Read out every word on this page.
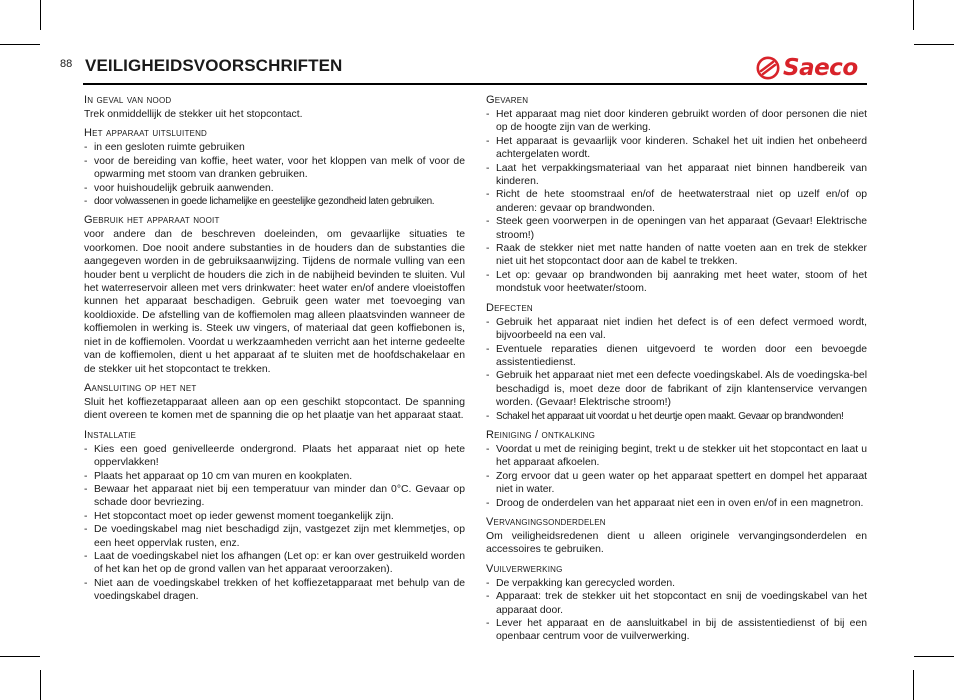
88 VEILIGHEIDSVOORSCHRIFTEN	Saeco
In geval van nood

Trek onmiddellijk de stekker uit het stopcontact.

Het apparaat uitsluitend
- in een gesloten ruimte gebruiken
- voor de bereiding van koffie, heet water, voor het kloppen van melk of voor de opwarming met stoom van dranken gebruiken.
- voor huishoudelijk gebruik aanwenden.
- door volwassenen in goede lichamelijke en geestelijke gezondheid laten gebruiken.
Gebruik het apparaat nooit

voor andere dan de beschreven doeleinden, om gevaarlijke situaties te voorkomen. Doe nooit andere substanties in de houders dan de substanties die aangegeven worden in de gebruiksaanwijzing. Tijdens de normale vulling van een houder bent u verplicht de houders die zich in de nabijheid bevinden te sluiten. Vul het waterreservoir alleen met vers drinkwater: heet water en/of andere vloeistoffen kunnen het apparaat beschadigen. Gebruik geen water met toevoeging van kooldioxide. De afstelling van de koffiemolen mag alleen plaatsvinden wanneer de koffiemolen in werking is. Steek uw vingers, of materiaal dat geen koffiebonen is, niet in de koffiemolen. Voordat u werkzaamheden verricht aan het interne gedeelte van de koffiemolen, dient u het apparaat af te sluiten met de hoofdschakelaar en de stekker uit het stopcontact te trekken.

Aansluiting op het net

Sluit het koffiezetapparaat alleen aan op een geschikt stopcontact. De spanning dient overeen te komen met de spanning die op het plaatje van het apparaat staat.

Installatie
- Kies een goed genivelleerde ondergrond. Plaats het apparaat niet op hete oppervlakken!
- Plaats het apparaat op 10 cm van muren en kookplaten.
- Bewaar het apparaat niet bij een temperatuur van minder dan 0°C. Gevaar op schade door bevriezing.
- Het stopcontact moet op ieder gewenst moment toegankelijk zijn.
- De voedingskabel mag niet beschadigd zijn, vastgezet zijn met klemmetjes, op een heet oppervlak rusten, enz.
- Laat de voedingskabel niet los afhangen (Let op: er kan over gestruikeld worden of het kan het op de grond vallen van het apparaat veroorzaken).
- Niet aan de voedingskabel trekken of het koffiezetapparaat met behulp van de voedingskabel dragen.
Gevaren
- Het apparaat mag niet door kinderen gebruikt worden of door personen die niet op de hoogte zijn van de werking.
- Het apparaat is gevaarlijk voor kinderen. Schakel het uit indien het onbeheerd achtergelaten wordt.
- Laat het verpakkingsmateriaal van het apparaat niet binnen handbereik van kinderen.
- Richt de hete stoomstraal en/of de heetwaterstraal niet op uzelf en/of op anderen: gevaar op brandwonden.
- Steek geen voorwerpen in de openingen van het apparaat (Gevaar! Elektrische stroom!)
- Raak de stekker niet met natte handen of natte voeten aan en trek de stekker niet uit het stopcontact door aan de kabel te trekken.
- Let op: gevaar op brandwonden bij aanraking met heet water, stoom of het mondstuk voor heetwater/stoom.
Defecten
- Gebruik het apparaat niet indien het defect is of een defect vermoed wordt, bijvoorbeeld na een val.
- Eventuele reparaties dienen uitgevoerd te worden door een bevoegde assistentiedienst.
- Gebruik het apparaat niet met een defecte voedingskabel. Als de voedingska-bel beschadigd is, moet deze door de fabrikant of zijn klantenservice vervangen worden. (Gevaar! Elektrische stroom!)
- Schakel het apparaat uit voordat u het deurtje open maakt. Gevaar op brandwonden!
Reiniging / ontkalking
- Voordat u met de reiniging begint, trekt u de stekker uit het stopcontact en laat u het apparaat afkoelen.
- Zorg ervoor dat u geen water op het apparaat spettert en dompel het apparaat niet in water.
- Droog de onderdelen van het apparaat niet een in oven en/of in een magnetron.
Vervangingsonderdelen

Om veiligheidsredenen dient u alleen originele vervangingsonderdelen en accessoires te gebruiken.

Vuilverwerking
- De verpakking kan gerecycled worden.
- Apparaat: trek de stekker uit het stopcontact en snij de voedingskabel van het apparaat door.
- Lever het apparaat en de aansluitkabel in bij de assistentiedienst of bij een openbaar centrum voor de vuilverwerking.
